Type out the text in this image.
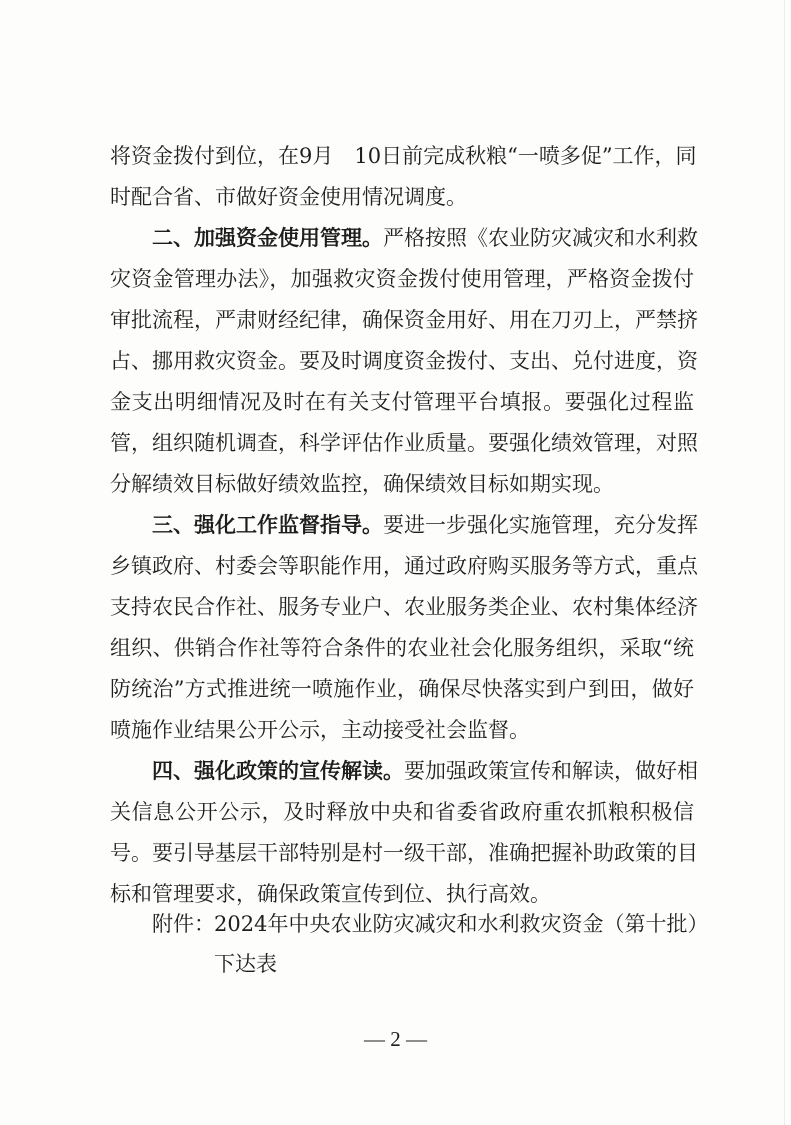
将资金拨付到位，在9月　10日前完成秋粮“一喷多促”工作，同
时配合省、市做好资金使用情况调度。
二、加强资金使用管理。严格按照《农业防灾减灾和水利救
灾资金管理办法》，加强救灾资金拨付使用管理，严格资金拨付
审批流程，严肃财经纪律，确保资金用好、用在刀刃上，严禁挤
占、挪用救灾资金。要及时调度资金拨付、支出、兑付进度，资
金支出明细情况及时在有关支付管理平台填报。要强化过程监
管，组织随机调查，科学评估作业质量。要强化绩效管理，对照
分解绩效目标做好绩效监控，确保绩效目标如期实现。
三、强化工作监督指导。要进一步强化实施管理，充分发挥
乡镇政府、村委会等职能作用，通过政府购买服务等方式，重点
支持农民合作社、服务专业户、农业服务类企业、农村集体经济
组织、供销合作社等符合条件的农业社会化服务组织，采取“统
防统治”方式推进统一喷施作业，确保尽快落实到户到田，做好
喷施作业结果公开公示，主动接受社会监督。
四、强化政策的宣传解读。要加强政策宣传和解读，做好相
关信息公开公示，及时释放中央和省委省政府重农抓粮积极信
号。要引导基层干部特别是村一级干部，准确把握补助政策的目
标和管理要求，确保政策宣传到位、执行高效。
附件： 2024年中央农业防灾减灾和水利救灾资金（第十批）
下达表
— 2 —
